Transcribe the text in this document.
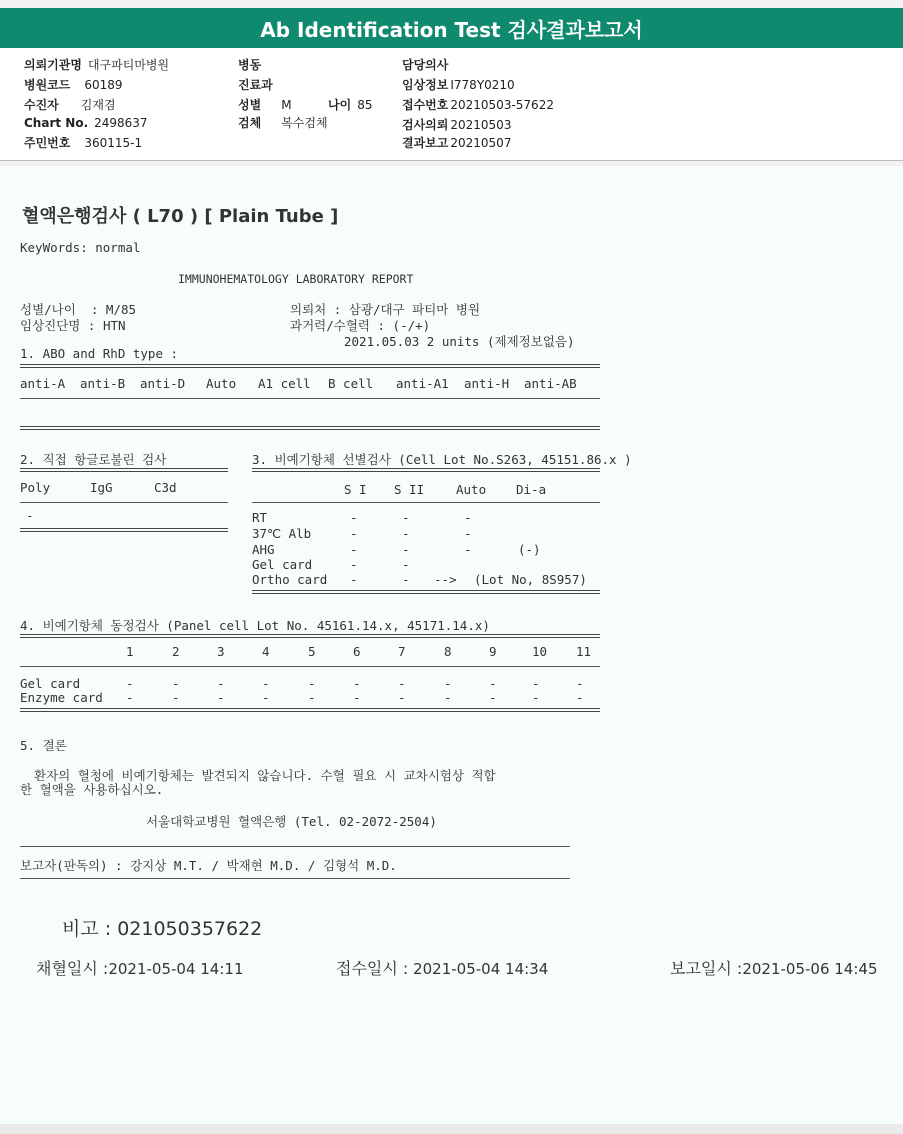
Ab Identification Test 검사결과보고서
의뢰기관명 대구파티마병원
병원코드 60189
수진자 김재겸
Chart No. 2498637
주민번호 360115-1
병동
진료과
성별 M	나이 85
검체 복수검체
담당의사
임상정보 I778Y0210
접수번호 20210503-57622
검사의뢰 20210503
결과보고 20210507
혈액은행검사 ( L70 ) [ Plain Tube ]
KeyWords: normal
IMMUNOHEMATOLOGY LABORATORY REPORT
성별/나이  : M/85
임상진단명 : HTN
의뢰처 : 삼광/대구 파티마 병원
과거력/수혈력 : (-/+)
2021.05.03 2 units (제제정보없음)
1. ABO and RhD type :
anti-A anti-B anti-D Auto A1 cell B cell anti-A1 anti-H anti-AB
2. 직접 항글로불린 검사
Poly	IgG	C3d
-
3. 비예기항체 선별검사 (Cell Lot No.S263, 45151.86.x )
S I S II	Auto Di-a
RT	-	-	-
37℃ Alb	-	-	-
AHG	-	-	-	(-)
Gel card	-	-
Ortho card -	- --> (Lot No, 8S957)
4. 비예기항체 동정검사 (Panel cell Lot No. 45161.14.x, 45171.14.x)
1	2	3	4	5	6	7	8	9	10 11
Gel card	-	-	-	-	-	-	-	-	-	-	-
Enzyme card -	-	-	-	-	-	-	-	-	-	-
5. 결론
환자의 혈청에 비예기항체는 발견되지 않습니다. 수혈 필요 시 교차시험상 적합
한 혈액을 사용하십시오.
서울대학교병원 혈액은행 (Tel. 02-2072-2504)
보고자(판독의) : 강지상 M.T. / 박재현 M.D. / 김형석 M.D.
비고 : 021050357622
채혈일시 :2021-05-04 14:11	접수일시 : 2021-05-04 14:34	보고일시 :2021-05-06 14:45
